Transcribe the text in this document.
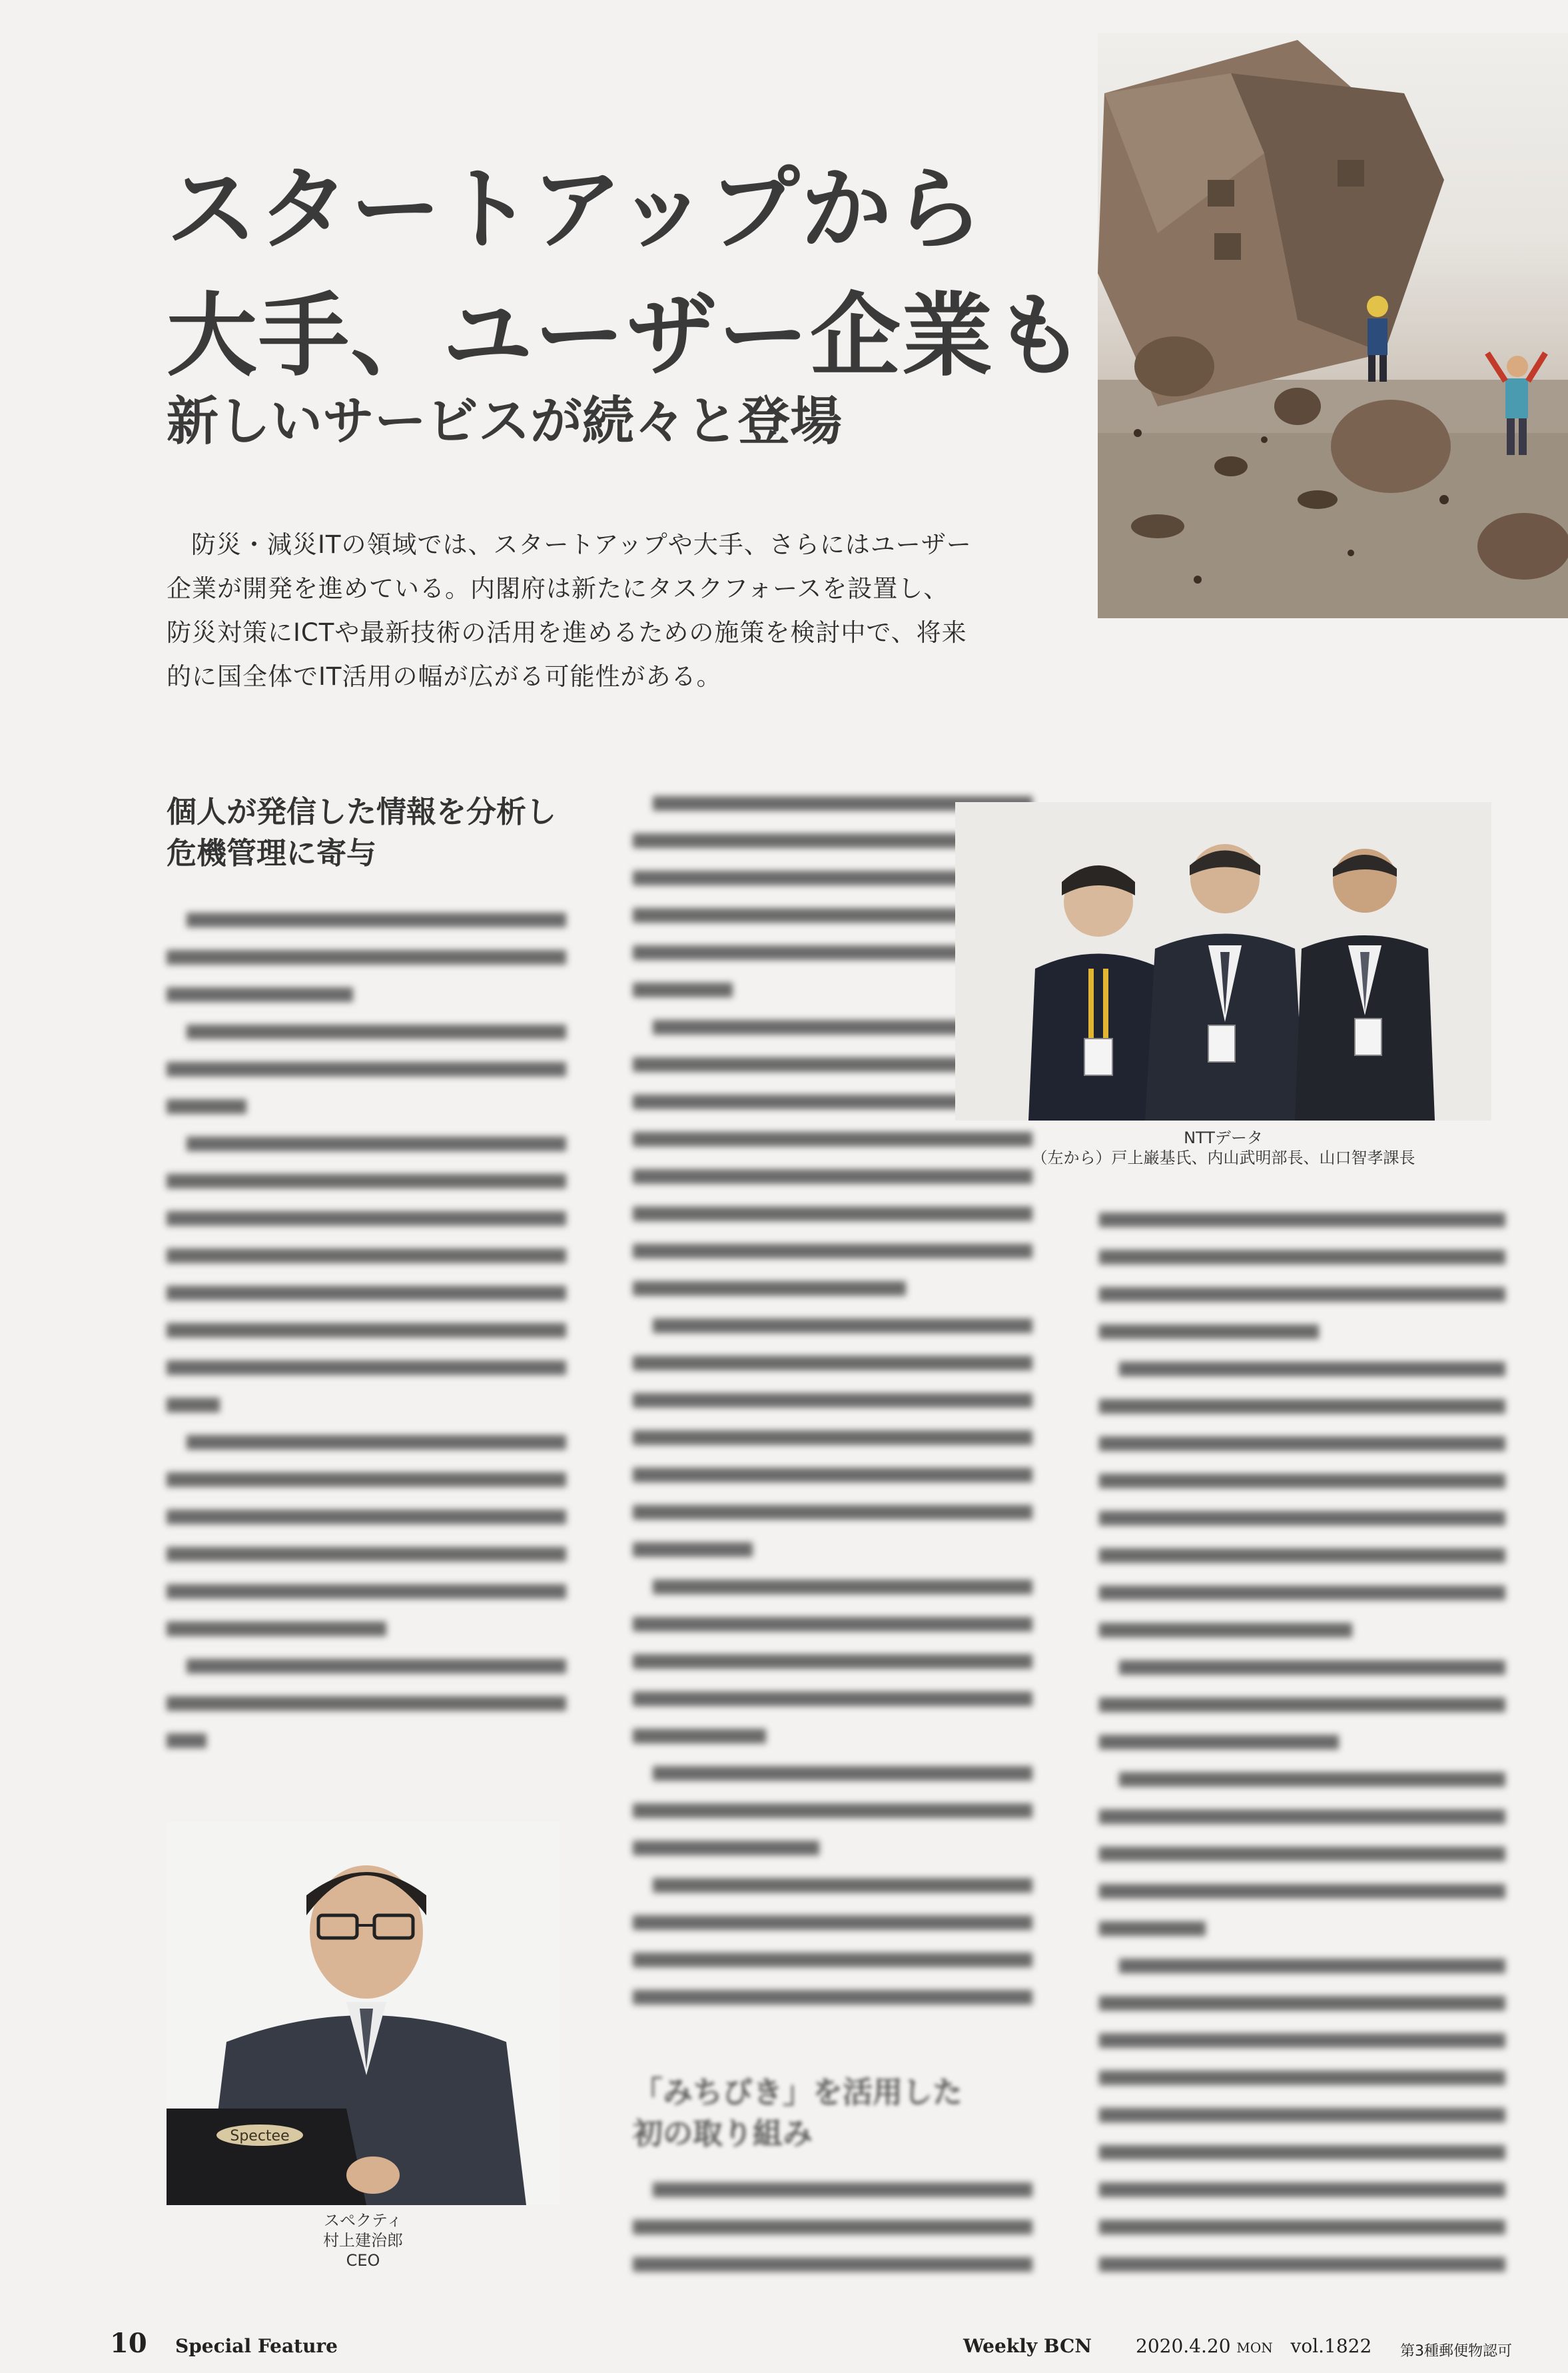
スタートアップから
大手、ユーザー企業も
新しいサービスが続々と登場
防災・減災ITの領域では、スタートアップや大手、さらにはユーザー企業が開発を進めている。内閣府は新たにタスクフォースを設置し、防災対策にICTや最新技術の活用を進めるための施策を検討中で、将来的に国全体でIT活用の幅が広がる可能性がある。
個人が発信した情報を分析し
危機管理に寄与
「みちびき」を活用した
初の取り組み
NTTデータ
（左から）戸上巌基氏、内山武明部長、山口智孝課長
Spectee
スペクティ
村上建治郎
CEO
10 Special Feature	Weekly BCN 2020.4.20 MON vol.1822 第3種郵便物認可
